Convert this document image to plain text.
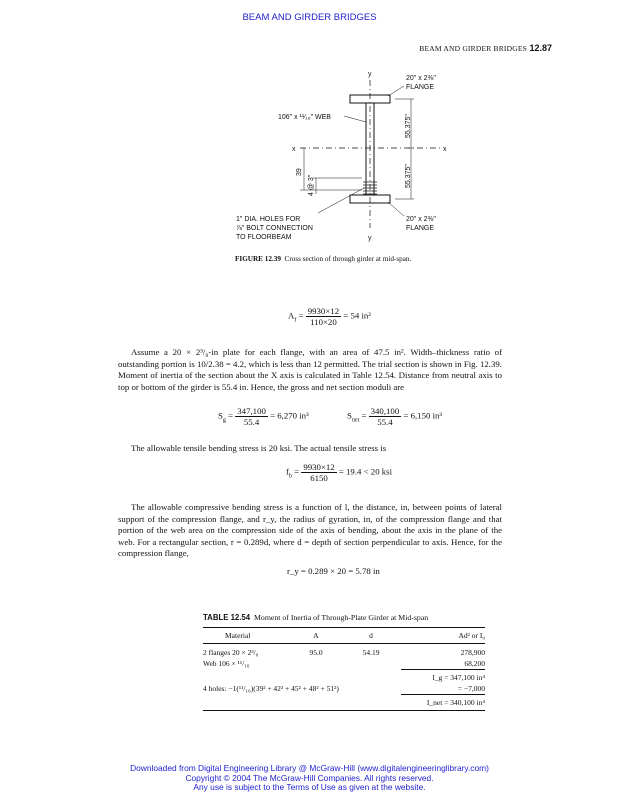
BEAM AND GIRDER BRIDGES
BEAM AND GIRDER BRIDGES 12.87
y
y
x	x
20" x 2⅜"
FLANGE
106" x ¹¹⁄₁₆" WEB	55.375"
55.375"
39
4 @ 3"
1" DIA. HOLES FOR
⅞" BOLT CONNECTION
TO FLOORBEAM
20" x 2⅜"
FLANGE
FIGURE 12.39 Cross section of through girder at mid-span.
$A_f = \frac{9930\times 12}{110\times 20} = 54$ in²

Assume a 20 × 2³/₈-in plate for each flange, with an area of 47.5 in². Width–thickness ratio of outstanding portion is 10/2.38 = 4.2, which is less than 12 permitted. The trial section is shown in Fig. 12.39. Moment of inertia of the section about the X axis is calculated in Table 12.54. Distance from neutral axis to top or bottom of the girder is 55.4 in. Hence, the gross and net section moduli are

$S_g = \frac{347,100}{55.4} = 6,270$ in³	$S_{net} = \frac{340,100}{55.4} = 6,150$ in³

The allowable tensile bending stress is 20 ksi. The actual tensile stress is

$f_b = \frac{9930\times 12}{6150} = 19.4 < 20$ ksi

The allowable compressive bending stress is a function of l, the distance, in, between points of lateral support of the compression flange, and r_y, the radius of gyration, in, of the compression flange and that portion of the web area on the compression side of the axis of bending, about the axis in the plane of the web. For a rectangular section, r = 0.289d, where d = depth of section perpendicular to axis. Hence, for the compression flange,

r_y = 0.289 × 20 = 5.78 in
TABLE 12.54 Moment of Inertia of Through-Plate Girder at Mid-span
Material	A	d	Ad² or I₀
2 flanges 20 × 2³/₈	95.0	54.19	278,900
Web 106 × ¹¹/₁₆			68,200
			I_g = 347,100 in⁴
4 holes: −1(¹¹/₁₆)(39² + 42² + 45² + 48² + 51²)			= −7,000
			I_net = 340,100 in⁴
Downloaded from Digital Engineering Library @ McGraw-Hill (www.digitalengineeringlibrary.com)
Copyright © 2004 The McGraw-Hill Companies. All rights reserved.
Any use is subject to the Terms of Use as given at the website.
